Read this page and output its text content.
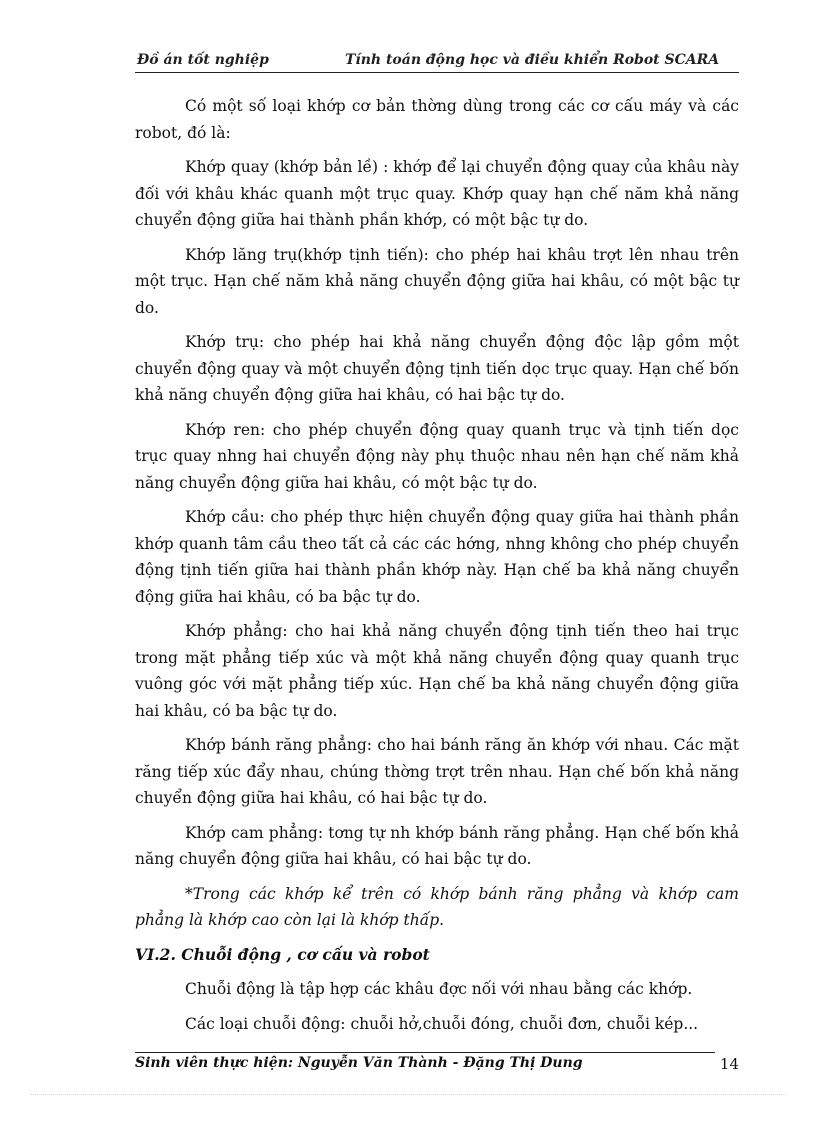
Đồ án tốt nghiệp	Tính toán động học và điều khiển Robot SCARA

Có một số loại khớp cơ bản thờng dùng trong các cơ cấu máy và các robot, đó là:

Khớp quay (khớp bản lề) : khớp để lại chuyển động quay của khâu này đối với khâu khác quanh một trục quay. Khớp quay hạn chế năm khả năng chuyển động giữa hai thành phần khớp, có một bậc tự do.

Khớp lăng trụ(khớp tịnh tiến): cho phép hai khâu trợt lên nhau trên một trục. Hạn chế năm khả năng chuyển động giữa hai khâu, có một bậc tự do.

Khớp trụ: cho phép hai khả năng chuyển động độc lập gồm một chuyển động quay và một chuyển động tịnh tiến dọc trục quay. Hạn chế bốn khả năng chuyển động giữa hai khâu, có hai bậc tự do.

Khớp ren: cho phép chuyển động quay quanh trục và tịnh tiến dọc trục quay nhng hai chuyển động này phụ thuộc nhau nên hạn chế năm khả năng chuyển động giữa hai khâu, có một bậc tự do.

Khớp cầu: cho phép thực hiện chuyển động quay giữa hai thành phần khớp quanh tâm cầu theo tất cả các các hớng, nhng không cho phép chuyển động tịnh tiến giữa hai thành phần khớp này. Hạn chế ba khả năng chuyển động giữa hai khâu, có ba bậc tự do.

Khớp phẳng: cho hai khả năng chuyển động tịnh tiến theo hai trục trong mặt phẳng tiếp xúc và một khả năng chuyển động quay quanh trục vuông góc với mặt phẳng tiếp xúc. Hạn chế ba khả năng chuyển động giữa hai khâu, có ba bậc tự do.

Khớp bánh răng phẳng: cho hai bánh răng ăn khớp với nhau. Các mặt răng tiếp xúc đẩy nhau, chúng thờng trợt trên nhau. Hạn chế bốn khả năng chuyển động giữa hai khâu, có hai bậc tự do.

Khớp cam phẳng: tơng tự nh khớp bánh răng phẳng. Hạn chế bốn khả năng chuyển động giữa hai khâu, có hai bậc tự do.

*Trong các khớp kể trên có khớp bánh răng phẳng và khớp cam phẳng là khớp cao còn lại là khớp thấp.

VI.2. Chuỗi động , cơ cấu và robot

Chuỗi động là tập hợp các khâu đợc nối với nhau bằng các khớp.

Các loại chuỗi động: chuỗi hở,chuỗi đóng, chuỗi đơn, chuỗi kép...

Sinh viên thực hiện: Nguyễn Văn Thành - Đặng Thị Dung	14
